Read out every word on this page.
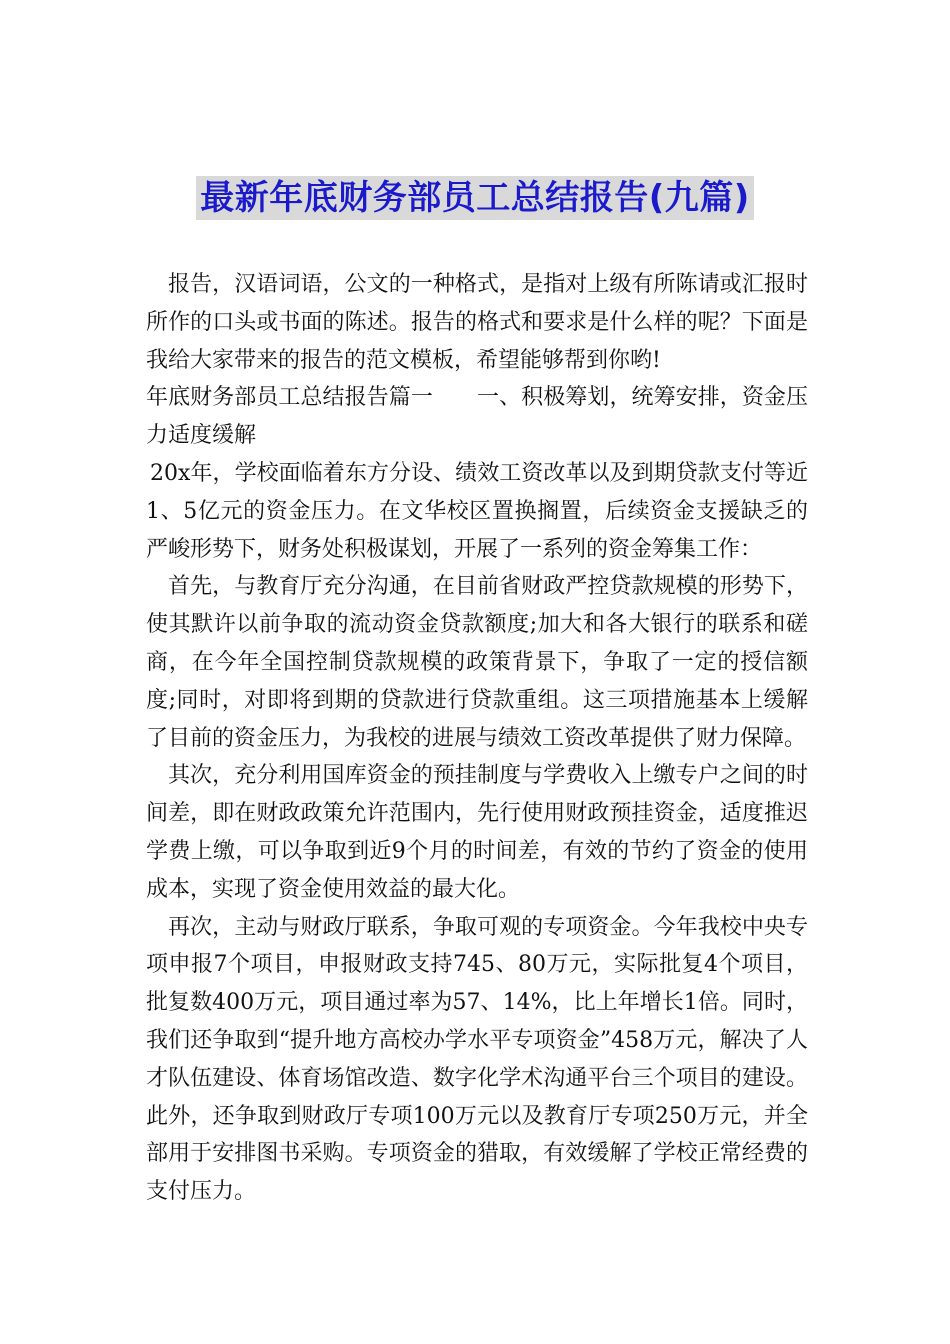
最新年底财务部员工总结报告(九篇)

报告，汉语词语，公文的一种格式，是指对上级有所陈请或汇报时所作的口头或书面的陈述。报告的格式和要求是什么样的呢？下面是我给大家带来的报告的范文模板，希望能够帮到你哟!

年底财务部员工总结报告篇一　　一、积极筹划，统筹安排，资金压力适度缓解

20x年，学校面临着东方分设、绩效工资改革以及到期贷款支付等近1、5亿元的资金压力。在文华校区置换搁置，后续资金支援缺乏的严峻形势下，财务处积极谋划，开展了一系列的资金筹集工作：

首先，与教育厅充分沟通，在目前省财政严控贷款规模的形势下，使其默许以前争取的流动资金贷款额度;加大和各大银行的联系和磋商，在今年全国控制贷款规模的政策背景下，争取了一定的授信额度;同时，对即将到期的贷款进行贷款重组。这三项措施基本上缓解了目前的资金压力，为我校的进展与绩效工资改革提供了财力保障。

其次，充分利用国库资金的预挂制度与学费收入上缴专户之间的时间差，即在财政政策允许范围内，先行使用财政预挂资金，适度推迟学费上缴，可以争取到近9个月的时间差，有效的节约了资金的使用成本，实现了资金使用效益的最大化。

再次，主动与财政厅联系，争取可观的专项资金。今年我校中央专项申报7个项目，申报财政支持745、80万元，实际批复4个项目，批复数400万元，项目通过率为57、14%，比上年增长1倍。同时，我们还争取到“提升地方高校办学水平专项资金”458万元，解决了人才队伍建设、体育场馆改造、数字化学术沟通平台三个项目的建设。此外，还争取到财政厅专项100万元以及教育厅专项250万元，并全部用于安排图书采购。专项资金的猎取，有效缓解了学校正常经费的支付压力。
